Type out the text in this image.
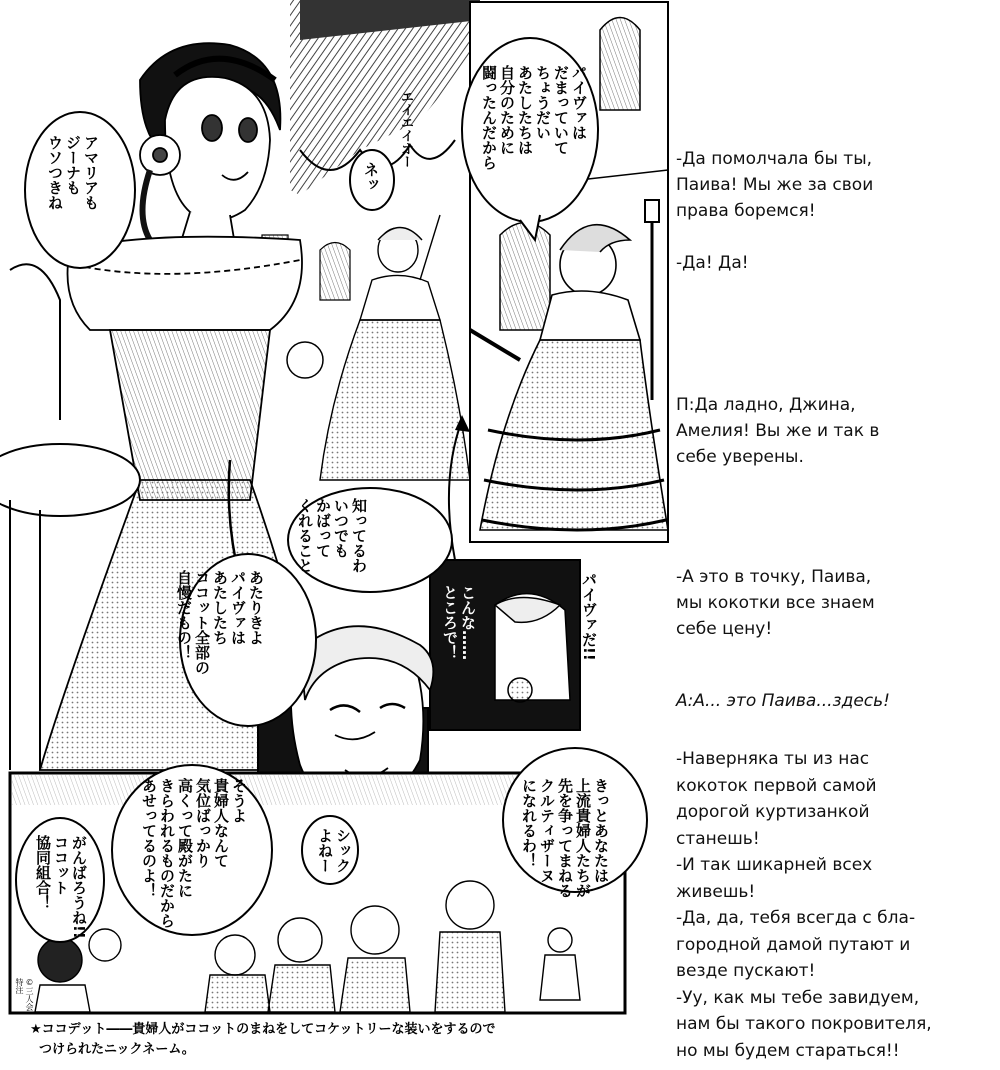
アマリアも
ジーナも
ウソつきね	ネッ
エイエイオー	パイヴァは
だまっていて
ちょうだい
あたしたちは
自分のために
闘ったんだから
知ってるわ
いつでも
かばって
くれること
あたりきよ
パイヴァは
あたしたち
ココット全部の
自慢だもの！	こんな……
ところで！	パイヴァだ!!
きっとあなたは
上流貴婦人たちが
先を争ってまねる
クルティザーヌ
になれるわ！
シック
よねー
そうよ
貴婦人なんて
気位ばっかり
高くって殿がたに
きらわれるものだから
あせってるのよ！
がんばろうね!!
ココット
協同組合！
©三人会
特注
★ココデット――貴婦人がココットのまねをしてコケットリーな装いをするので
つけられたニックネーム。
-Да помолчала бы ты,
Паива! Мы же за свои
права боремся!

-Да! Да!
П:Да ладно, Джина,
Амелия! Вы же и так в
себе уверены.
-А это в точку, Паива,
мы кокотки все знаем
себе цену!
А:А... это Паива...здесь!
-Наверняка ты из нас
кокоток первой самой
дорогой куртизанкой
станешь!
-И так шикарней всех
живешь!
-Да, да, тебя всегда с бла-
городной дамой путают и
везде пускают!
-Уу, как мы тебе завидуем,
нам бы такого покровителя,
но мы будем стараться!!
